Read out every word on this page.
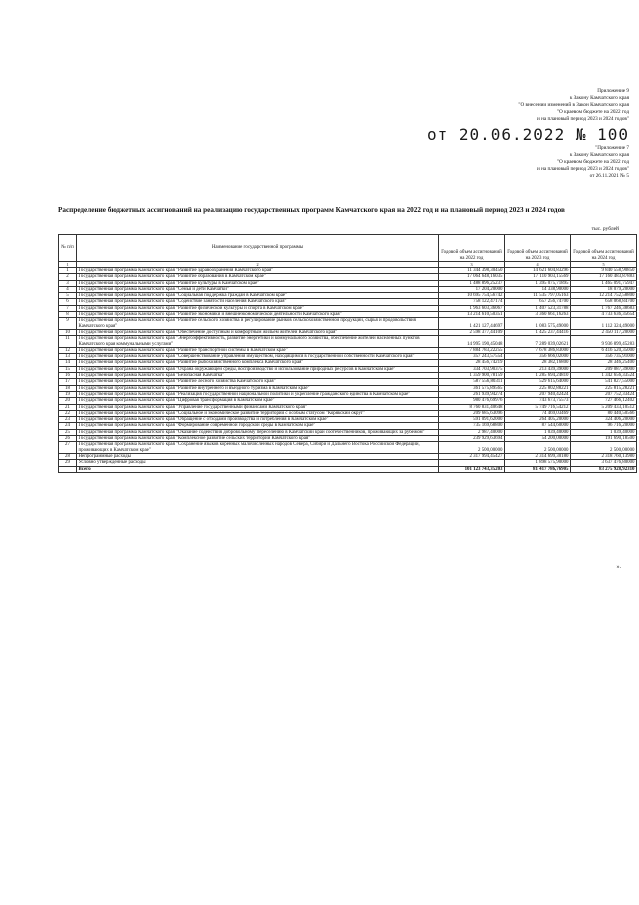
Приложение 9
к Закону Камчатского края
"О внесении изменений в Закон Камчатского края
"О краевом бюджете на 2022 год
и на плановый период 2023 и 2024 годов"
от 20.06.2022 № 100
"Приложение 7
к Закону Камчатского края
"О краевом бюджете на 2022 год
и на плановый период 2023 и 2024 годов"
от 26.11.2021 № 5
Распределение бюджетных ассигнований на реализацию государственных программ Камчатского края на 2022 год и на плановый период 2023 и 2024 годов
тыс. рублей
№ п/п	Наименование государственной программы	Годовой объем ассигнований на 2022 год	Годовой объем ассигнований на 2023 год	Годовой объем ассигнований на 2024 год
1	2	3	4	5
1	Государственная программа Камчатского края "Развитие здравоохранения Камчатского края"	11 344 398,30450	14 621 604,83296	9 840 558,90850
2	Государственная программа Камчатского края "Развитие образования в Камчатском крае"	17 064 648,16035	17 110 903,15569	17 160 483,87883
3	Государственная программа Камчатского края "Развитие культуры в Камчатском крае"	1 488 896,25237	1 395 075,71895	1 465 091,75947
4	Государственная программа Камчатского края "Семья и дети Камчатки"	17 204,20000	14 338,90000	18 079,20000
5	Государственная программа Камчатского края "Социальная поддержка граждан в Камчатском крае"	10 695 754,56742	11 535 797,05163	12 214 752,58800
6	Государственная программа Камчатского края "Содействие занятости населения Камчатского края"	758 122,47174	657 256,74700	658 068,84700
7	Государственная программа Камчатского края "Развитие физической культуры и спорта в Камчатском крае"	1 963 603,36067	1 407 523,31788	1 767 246,38683
8	Государственная программа Камчатского края "Развитие экономики и внешнеэкономической деятельности Камчатского края"	13 214 610,50351	3 360 661,16263	4 733 636,35654
9	Государственная программа Камчатского края "Развитие сельского хозяйства и регулирование рынков сельскохозяйственной продукции, сырья и продовольствия Камчатского края"	1 421 127,44697	1 083 575,49000	1 112 324,49000
10	Государственная программа Камчатского края "Обеспечение доступным и комфортным жильем жителей Камчатского края"	2 598 377,44109	1 425 237,44416	2 450 117,20000
11	Государственная программа Камчатского края "Энергоэффективность, развитие энергетики и коммунального хозяйства, обеспечение жителей населенных пунктов Камчатского края коммунальными услугами"	14 995 190,45048	7 289 039,02621	9 936 899,45283
12	Государственная программа Камчатского края "Развитие транспортной системы в Камчатском крае"	7 884 783,22255	7 678 386,83000	6 416 520,35000
13	Государственная программа Камчатского края "Совершенствование управления имуществом, находящимся в государственной собственности Камчатского края"	357 243,57554	356 666,02000	356 735,91000
14	Государственная программа Камчатского края "Развитие рыбохозяйственного комплекса Камчатского края"	28 456,74219	28 382,16800	28 346,25400
15	Государственная программа Камчатского края "Охрана окружающей среды, воспроизводство и использование природных ресурсов в Камчатском крае"	334 703,90375	213 439,39000	209 087,39000
16	Государственная программа Камчатского края "Безопасная Камчатка"	1 359 900,78159	1 285 694,24810	1 342 656,33524
17	Государственная программа Камчатского края "Развитие лесного хозяйства Камчатского края"	587 556,80311	529 615,64000	541 827,55000
18	Государственная программа Камчатского края "Развитие внутреннего и въездного туризма в Камчатском крае"	361 575,89565	225 802,88221	225 815,28221
19	Государственная программа Камчатского края "Реализация государственной национальной политики и укрепление гражданского единства в Камчатском крае"	261 939,94274	207 940,42424	207 752,33424
20	Государственная программа Камчатского края "Цифровая трансформация в Камчатском крае"	980 476,69976	743 673,75573	727 466,12402
21	Государственная программа Камчатского края "Управление государственными финансами Камчатского края"	8 760 831,40648	5 749 716,54212	5 209 433,10512
22	Государственная программа Камчатского края "Социальное и экономическое развитие территории с особым статусом "Корякский округ"	209 685,63096	74 469,03469	80 440,50566
23	Государственная программа Камчатского края "Обращение с отходами производства и потребления в Камчатском крае"	591 091,62000	264 405,20000	324 406,20000
24	Государственная программа Камчатского края "Формирование современной городской среды в Камчатском крае"	735 169,68800	87 544,60000	96 716,20000
25	Государственная программа Камчатского края "Оказание содействия добровольному переселению в Камчатский край соотечественников, проживающих за рубежом"	2 987,40000	1 039,40000	1 039,40000
26	Государственная программа Камчатского края "Комплексное развитие сельских территорий Камчатского края"	239 929,63694	54 200,00000	191 690,18500
27	Государственная программа Камчатского края "Сохранение языков коренных малочисленных народов Севера, Сибири и Дальнего Востока Российской Федерации, проживающих в Камчатском крае"	2 500,00000	2 500,00000	2 500,00000
28	Непрограммные расходы	2 317 994,45427	2 314 699,30180	2 318 760,13980
29	Условно утвержденные расходы		1 898 575,90000	3 637 476,80000
	Всего	101 123 743,35203	81 417 786,76905	83 275 928,92310
».
